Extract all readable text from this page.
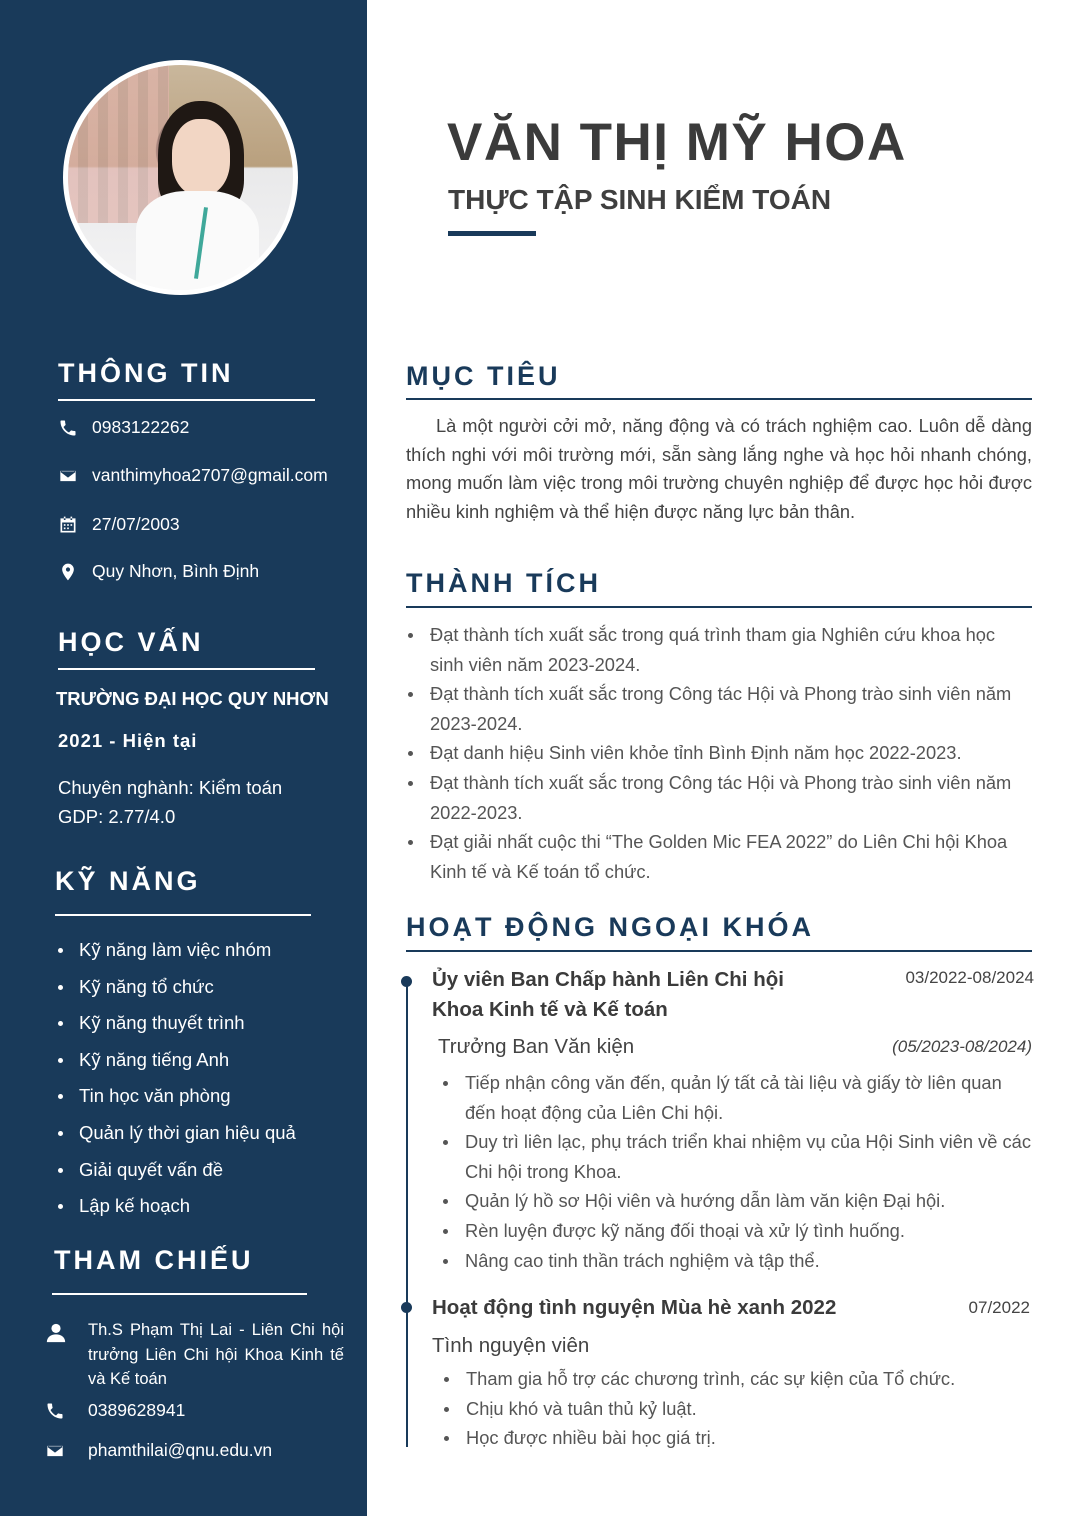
THÔNG TIN
0983122262
vanthimyhoa2707@gmail.com
27/07/2003
Quy Nhơn, Bình Định
HỌC VẤN
TRƯỜNG ĐẠI HỌC QUY NHƠN
2021 - Hiện tại
Chuyên nghành: Kiểm toán
GDP: 2.77/4.0
KỸ NĂNG
Kỹ năng làm việc nhóm
Kỹ năng tổ chức
Kỹ năng thuyết trình
Kỹ năng tiếng Anh
Tin học văn phòng
Quản lý thời gian hiệu quả
Giải quyết vấn đề
Lập kế hoạch
THAM CHIẾU
Th.S Phạm Thị Lai - Liên Chi hội trưởng Liên Chi hội Khoa Kinh tế và Kế toán
0389628941
phamthilai@qnu.edu.vn
VĂN THỊ MỸ HOA
THỰC TẬP SINH KIỂM TOÁN
MỤC TIÊU

Là một người cởi mở, năng động và có trách nghiệm cao. Luôn dễ dàng thích nghi với môi trường mới, sẵn sàng lắng nghe và học hỏi nhanh chóng, mong muốn làm việc trong môi trường chuyên nghiệp để được học hỏi được nhiều kinh nghiệm và thể hiện được năng lực bản thân.

THÀNH TÍCH
Đạt thành tích xuất sắc trong quá trình tham gia Nghiên cứu khoa học sinh viên năm 2023-2024.
Đạt thành tích xuất sắc trong Công tác Hội và Phong trào sinh viên năm 2023-2024.
Đạt danh hiệu Sinh viên khỏe tỉnh Bình Định năm học 2022-2023.
Đạt thành tích xuất sắc trong Công tác Hội và Phong trào sinh viên năm 2022-2023.
Đạt giải nhất cuộc thi “The Golden Mic FEA 2022” do Liên Chi hội Khoa Kinh tế và Kế toán tổ chức.
HOẠT ĐỘNG NGOẠI KHÓA
Ủy viên Ban Chấp hành Liên Chi hội Khoa Kinh tế và Kế toán
03/2022-08/2024
Trưởng Ban Văn kiện	(05/2023-08/2024)
Tiếp nhận công văn đến, quản lý tất cả tài liệu và giấy tờ liên quan đến hoạt động của Liên Chi hội.
Duy trì liên lạc, phụ trách triển khai nhiệm vụ của Hội Sinh viên về các Chi hội trong Khoa.
Quản lý hồ sơ Hội viên và hướng dẫn làm văn kiện Đại hội.
Rèn luyện được kỹ năng đối thoại và xử lý tình huống.
Nâng cao tinh thần trách nghiệm và tập thể.
Hoạt động tình nguyện Mùa hè xanh 2022	07/2022
Tình nguyện viên
Tham gia hỗ trợ các chương trình, các sự kiện của Tổ chức.
Chịu khó và tuân thủ kỷ luật.
Học được nhiều bài học giá trị.
